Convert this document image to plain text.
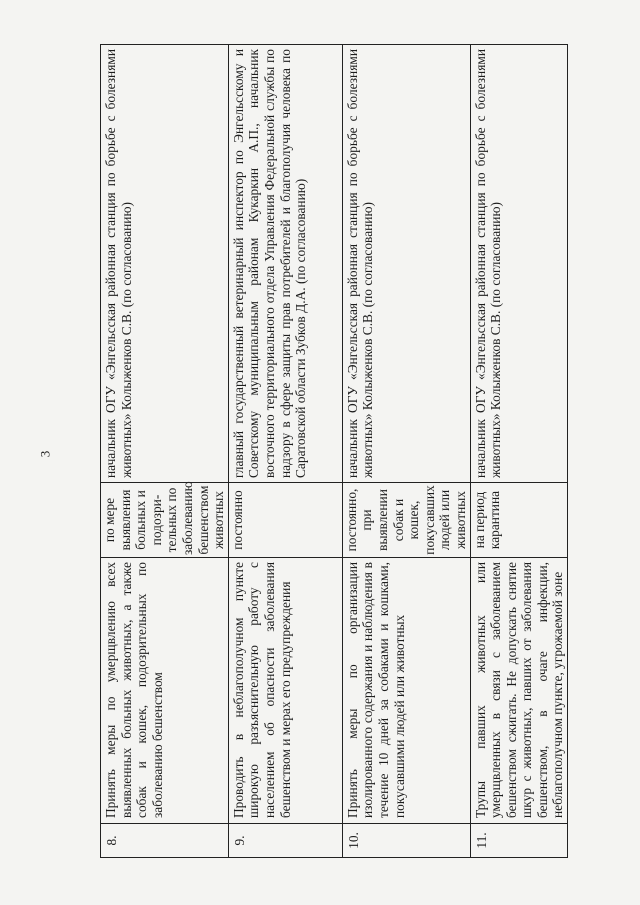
3
8.	Принять меры по умерщвлению всех выявленных больных животных, а также собак и кошек, подозрительных по заболеванию бешенством	по мере выявления больных и подозри-тельных по заболеванию бешенством животных	начальник ОГУ «Энгельсская районная станция по борьбе с болезнями животных» Колыженков С.В. (по согласованию)
9.	Проводить в неблагополучном пункте широкую разъяснительную работу с населением об опасности заболевания бешенством и мерах его предупреждения	постоянно	главный государственный ветеринарный инспектор по Энгельсскому и Советскому муниципальным районам Кукаркин А.П., начальник восточного территориального отдела Управления Федеральной службы по надзору в сфере защиты прав потребителей и благополучия человека по Саратовской области Зубков Д.А. (по согласованию)
10.	Принять меры по организации изолированного содержания и наблюдения в течение 10 дней за собаками и кошками, покусавшими людей или животных	постоянно, при выявлении собак и кошек, покусавших людей или животных	начальник ОГУ «Энгельсская районная станция по борьбе с болезнями животных» Колыженков С.В. (по согласованию)
11.	Трупы павших животных или умерщвленных в связи с заболеванием бешенством сжигать. Не допускать снятие шкур с животных, павших от заболевания бешенством, в очаге инфекции, неблагополучном пункте, угрожаемой зоне	на период карантина	начальник ОГУ «Энгельсская районная станция по борьбе с болезнями животных» Колыженков С.В. (по согласованию)
